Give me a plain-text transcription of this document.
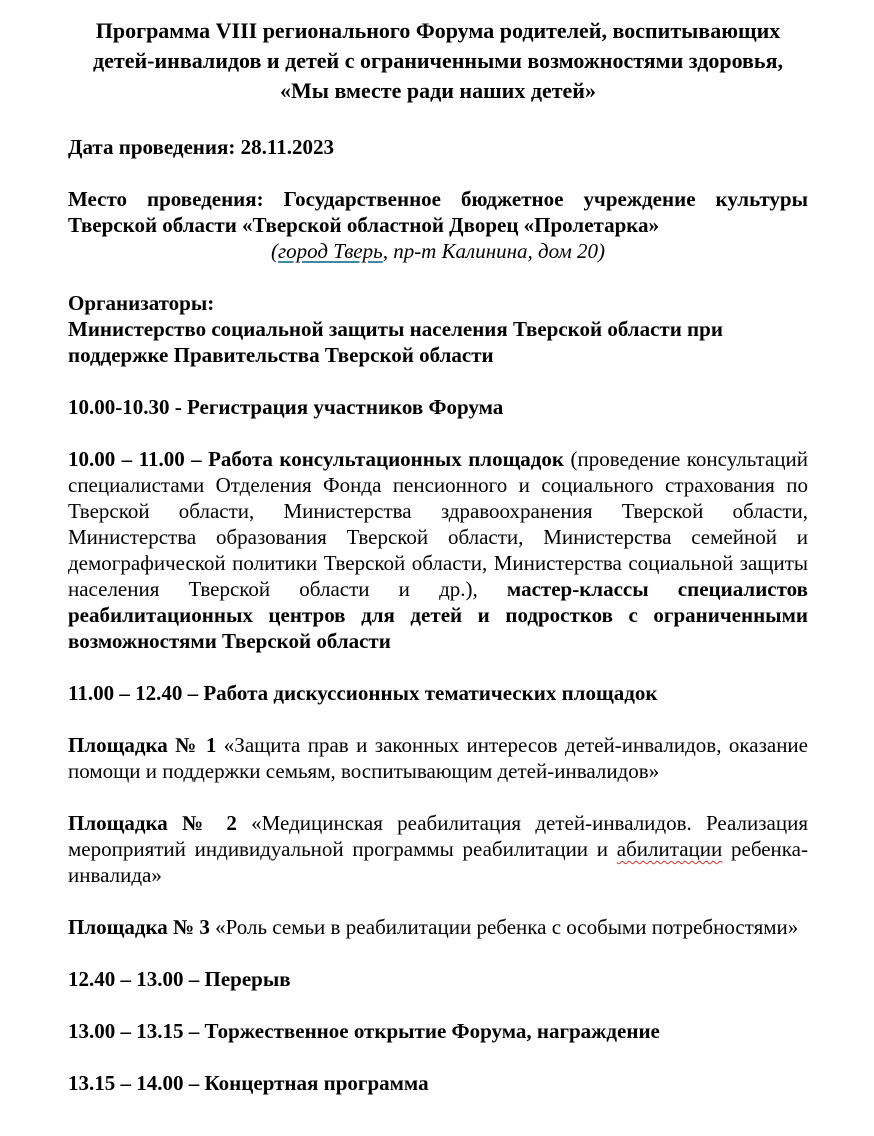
Программа VIII регионального Форума родителей, воспитывающих
детей-инвалидов и детей с ограниченными возможностями здоровья,
«Мы вместе ради наших детей»

Дата проведения: 28.11.2023

Место проведения: Государственное бюджетное учреждение культуры Тверской области «Тверской областной Дворец «Пролетарка»

(город Тверь, пр-т Калинина, дом 20)

Организаторы:

Министерство социальной защиты населения Тверской области при поддержке Правительства Тверской области

10.00-10.30 - Регистрация участников Форума

10.00 – 11.00 – Работа консультационных площадок (проведение консультаций специалистами Отделения Фонда пенсионного и социального страхования по Тверской области, Министерства здравоохранения Тверской области, Министерства образования Тверской области, Министерства семейной и демографической политики Тверской области, Министерства социальной защиты населения Тверской области и др.), мастер-классы специалистов реабилитационных центров для детей и подростков с ограниченными возможностями Тверской области

11.00 – 12.40 – Работа дискуссионных тематических площадок

Площадка № 1 «Защита прав и законных интересов детей-инвалидов, оказание помощи и поддержки семьям, воспитывающим детей-инвалидов»

Площадка № 2 «Медицинская реабилитация детей-инвалидов. Реализация мероприятий индивидуальной программы реабилитации и абилитации ребенка-инвалида»

Площадка № 3 «Роль семьи в реабилитации ребенка с особыми потребностями»

12.40 – 13.00 – Перерыв

13.00 – 13.15 – Торжественное открытие Форума, награждение

13.15 – 14.00 – Концертная программа
